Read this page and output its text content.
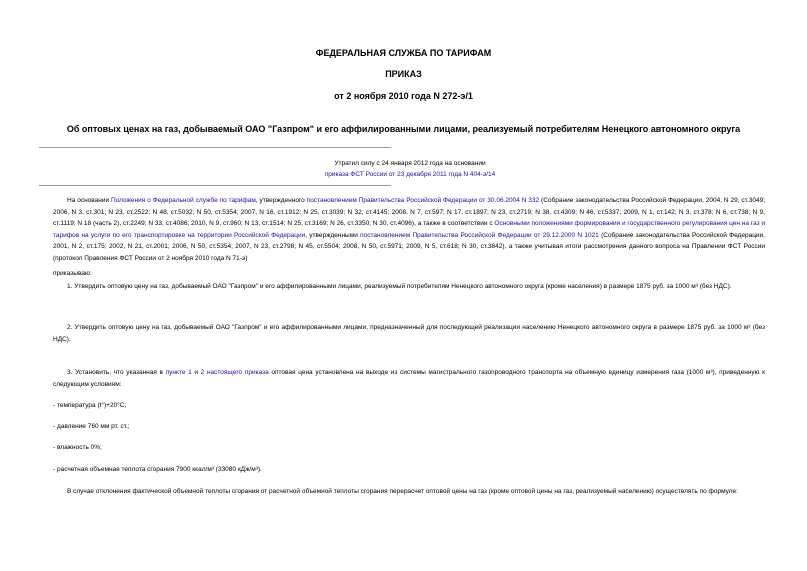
ФЕДЕРАЛЬНАЯ СЛУЖБА ПО ТАРИФАМ
ПРИКАЗ
от 2 ноября 2010 года N 272-э/1
Об оптовых ценах на газ, добываемый ОАО "Газпром" и его аффилированными лицами, реализуемый потребителям Ненецкого автономного округа
Утратил силу с 24 января 2012 года на основании
приказа ФСТ России от 23 декабря 2011 года N 404-э/14
На основании Положения о Федеральной службе по тарифам, утвержденного постановлением Правительства Российской Федерации от 30.06.2004 N 332 (Собрание законодательства Российской Федерации, 2004, N 29, ст.3049; 2006, N 3, ст.301; N 23, ст.2522; N 48, ст.5032; N 50, ст.5354; 2007, N 16, ст.1912; N 25, ст.3039; N 32, ст.4145; 2008, N 7, ст.597; N 17, ст.1897; N 23, ст.2719; N 38, ст.4309; N 46, ст.5337; 2009, N 1, ст.142; N 3, ст.378; N 6, ст.738; N 9, ст.1119; N 18 (часть 2), ст.2249; N 33, ст.4086; 2010, N 9, ст.960; N 13, ст.1514; N 25, ст.3169; N 26, ст.3350; N 30, ст.4096), а также в соответствии с Основными положениями формирования и государственного регулирования цен на газ и тарифов на услуги по его транспортировке на территории Российской Федерации, утвержденными постановлением Правительства Российской Федерации от 29.12.2000 N 1021 (Собрание законодательства Российской Федерации, 2001, N 2, ст.175; 2002, N 21, ст.2001; 2006, N 50, ст.5354; 2007, N 23, ст.2798; N 45, ст.5504; 2008, N 50, ст.5971; 2009, N 5, ст.618; N 30, ст.3842), а также учитывая итоги рассмотрения данного вопроса на Правлении ФСТ России (протокол Правления ФСТ России от 2 ноября 2010 года N 71-э)
приказываю:
1. Утвердить оптовую цену на газ, добываемый ОАО "Газпром" и его аффилированными лицами, реализуемый потребителям Ненецкого автономного округа (кроме населения) в размере 1875 руб. за 1000 м³ (без НДС).
2. Утвердить оптовую цену на газ, добываемый ОАО "Газпром" и его аффилированными лицами, предназначенный для последующей реализации населению Ненецкого автономного округа в размере 1875 руб. за 1000 м³ (без НДС).
3. Установить, что указанная в пункте 1 и 2 настоящего приказа оптовая цена установлена на выходе из системы магистрального газопроводного транспорта на объемную единицу измерения газа (1000 м³), приведенную к следующим условиям:
- температура (t°)+20°С;
- давление 760 мм рт. ст.;
- влажность 0%;
- расчетная объемная теплота сгорания 7900 ккал/м³ (33080 кДж/м³).
В случае отклонения фактической объемной теплоты сгорания от расчетной объемной теплоты сгорания перерасчет оптовой цены на газ (кроме оптовой цены на газ, реализуемый населению) осуществлять по формуле:
